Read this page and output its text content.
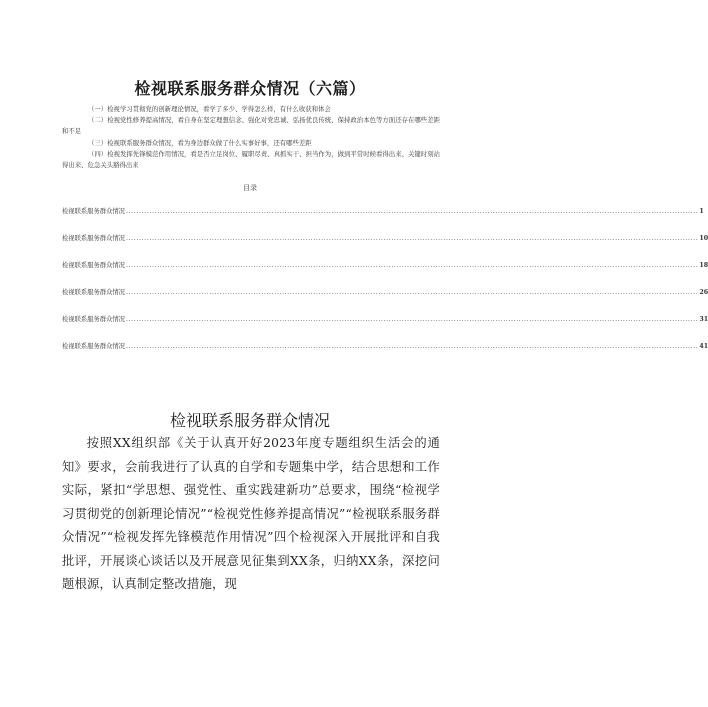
检视联系服务群众情况（六篇）

（一）检视学习贯彻党的创新理论情况，看学了多少、学得怎么样，有什么收获和体会

（二）检视党性修养提高情况，看自身在坚定理想信念、强化对党忠诚、弘扬优良传统、保持政治本色等方面还存在哪些差距和不足

（三）检视联系服务群众情况，看为身边群众做了什么实事好事，还有哪些差距

（四）检视发挥先锋模范作用情况，看是否立足岗位、履职尽责、真抓实干、担当作为，做到平常时候看得出来、关键时刻站得出来、危急关头豁得出来

目录
检视联系服务群众情况 ............................................................................................................................................................................................................................ 1
检视联系服务群众情况 ............................................................................................................................................................................................................................ 10
检视联系服务群众情况 ............................................................................................................................................................................................................................ 18
检视联系服务群众情况 ............................................................................................................................................................................................................................ 26
检视联系服务群众情况 ............................................................................................................................................................................................................................ 31
检视联系服务群众情况 ............................................................................................................................................................................................................................ 41
检视联系服务群众情况

按照XX组织部《关于认真开好2023年度专题组织生活会的通知》要求，会前我进行了认真的自学和专题集中学，结合思想和工作实际，紧扣“学思想、强党性、重实践建新功”总要求，围绕“检视学习贯彻党的创新理论情况”“检视党性修养提高情况”“检视联系服务群众情况”“检视发挥先锋模范作用情况”四个检视深入开展批评和自我批评，开展谈心谈话以及开展意见征集到XX条，归纳XX条，深挖问题根源，认真制定整改措施，现
